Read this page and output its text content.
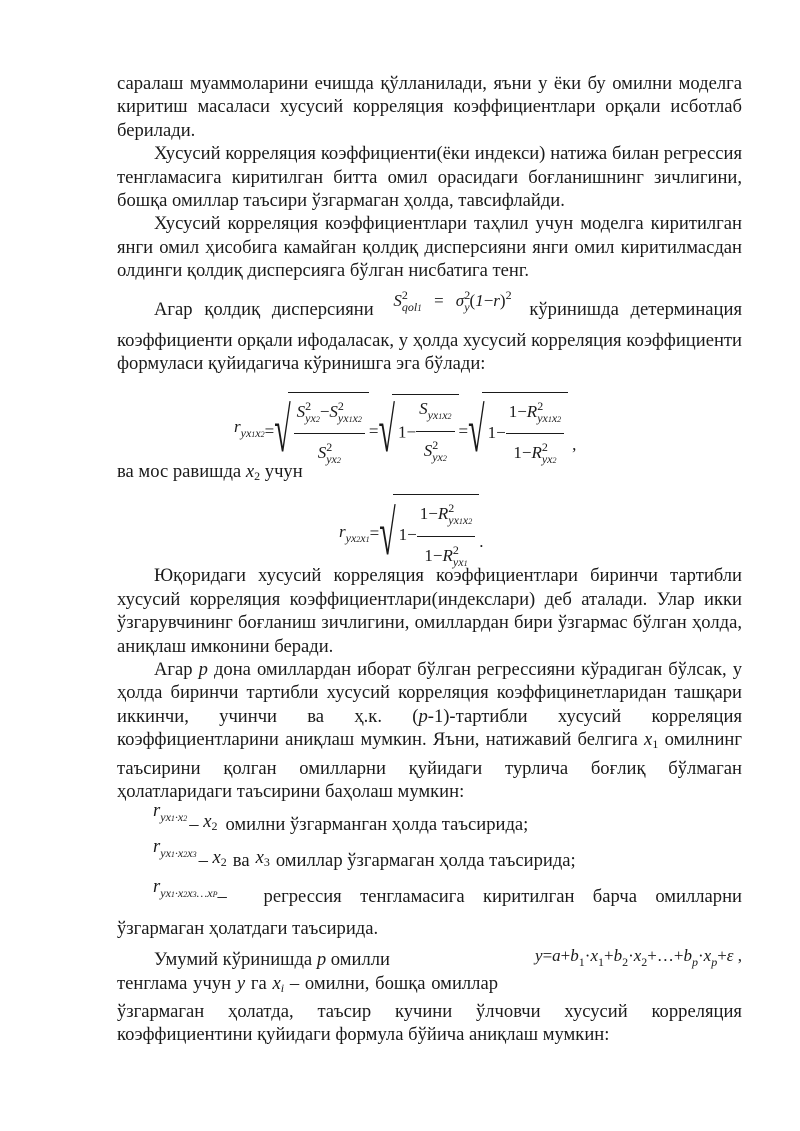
саралаш муаммоларини ечишда қўлланилади, яъни у ёки бу омилни моделга киритиш масаласи хусусий корреляция коэффициентлари орқали исботлаб берилади.

Хусусий корреляция коэффициенти(ёки индекси) натижа билан регрессия тенгламасига киритилган битта омил орасидаги боғланишнинг зичлигини, бошқа омиллар таъсири ўзгармаган ҳолда, тавсифлайди.

Хусусий корреляция коэффициентлари таҳлил учун моделга киритилган янги омил ҳисобига камайган қолдиқ дисперсияни янги омил киритилмасдан олдинги қолдиқ дисперсияга бўлган нисбатига тенг.

Агар қолдиқ дисперсияни $S^2_{qol1} = \sigma^2_y(1-r)^2$ кўринишда детерминация коэффициенти орқали ифодаласак, у ҳолда хусусий корреляция коэффициенти формуласи қуйидагича кўринишга эга бўлади:

$r_{yx1x2}=√ \frac{S^2_{yx2}-S^2_{yx1x2}}{S^2_{yx2}}$ =√ $1- \frac{S_{yx1x2}}{S^2_{yx2}}$ =√ $1- \frac{1-R^2_{yx1x2}}{1-R^2_{yx2}}$ ,

ва мос равишда x2 учун

$r_{yx2x1}=√$ $1- \frac{1-R^2_{yx1x2}}{1-R^2_{yx1}}$ .

Юқоридаги хусусий корреляция коэффициентлари биринчи тартибли хусусий корреляция коэффициентлари(индекслари) деб аталади. Улар икки ўзгарувчининг боғланиш зичлигини, омиллардан бири ўзгармас бўлган ҳолда, аниқлаш имконини беради.

Агар p дона омиллардан иборат бўлган регрессияни кўрадиган бўлсак, у ҳолда биринчи тартибли хусусий корреляция коэффицинетларидан ташқари иккинчи, учинчи ва ҳ.к. (p-1)-тартибли хусусий корреляция коэффициентларини аниқлаш мумкин. Яъни, натижавий белгига x1 омилнинг таъсирини қолган омилларни қуйидаги турлича боғлиқ бўлмаган ҳолатларидаги таъсирини баҳолаш мумкин:

$r_{yx1\cdot x2} - x2$ омилни ўзгарманган ҳолда таъсирида;
$r_{yx1\cdot x2x3} - x2$ ва x3 омиллар ўзгармаган ҳолда таъсирида;

$r_{yx1\cdot x2x3\dots xP}-$  регрессия тенгламасига киритилган барча омилларни ўзгармаган ҳолатдаги таъсирида.

Умумий кўринишда p омилли	$y=a+b_1\cdot x_1+b_2\cdot x_2+\dots+b_p\cdot x_p+\varepsilon$ ,

тенглама учун y га xi – омилни, бошқа омиллар ўзгармаган ҳолатда, таъсир кучини ўлчовчи хусусий корреляция коэффициентини қуйидаги формула бўйича аниқлаш мумкин:
